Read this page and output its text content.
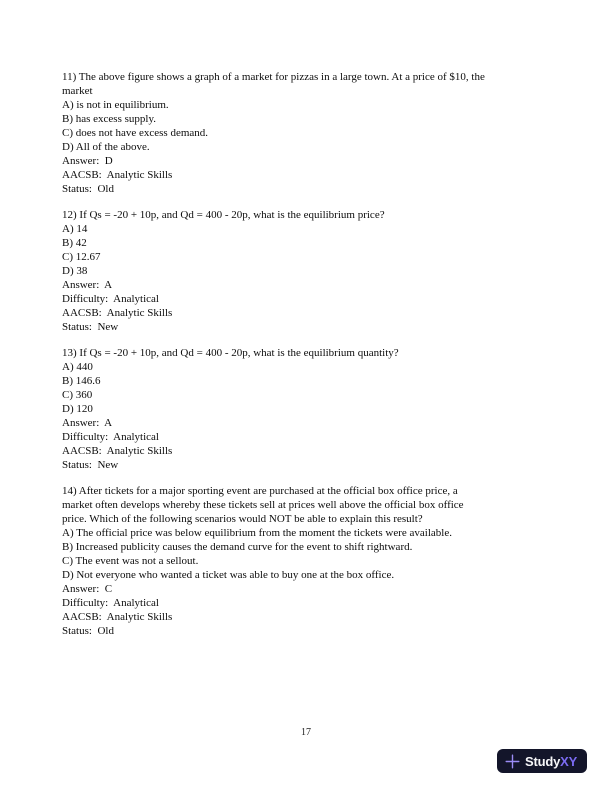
11) The above figure shows a graph of a market for pizzas in a large town. At a price of $10, the
market
A) is not in equilibrium.
B) has excess supply.
C) does not have excess demand.
D) All of the above.
Answer:  D
AACSB:  Analytic Skills
Status:  Old
12) If Qs = -20 + 10p, and Qd = 400 - 20p, what is the equilibrium price?
A) 14
B) 42
C) 12.67
D) 38
Answer:  A
Difficulty:  Analytical
AACSB:  Analytic Skills
Status:  New
13) If Qs = -20 + 10p, and Qd = 400 - 20p, what is the equilibrium quantity?
A) 440
B) 146.6
C) 360
D) 120
Answer:  A
Difficulty:  Analytical
AACSB:  Analytic Skills
Status:  New
14) After tickets for a major sporting event are purchased at the official box office price, a
market often develops whereby these tickets sell at prices well above the official box office
price. Which of the following scenarios would NOT be able to explain this result?
A) The official price was below equilibrium from the moment the tickets were available.
B) Increased publicity causes the demand curve for the event to shift rightward.
C) The event was not a sellout.
D) Not everyone who wanted a ticket was able to buy one at the box office.
Answer:  C
Difficulty:  Analytical
AACSB:  Analytic Skills
Status:  Old
17
StudyXY
